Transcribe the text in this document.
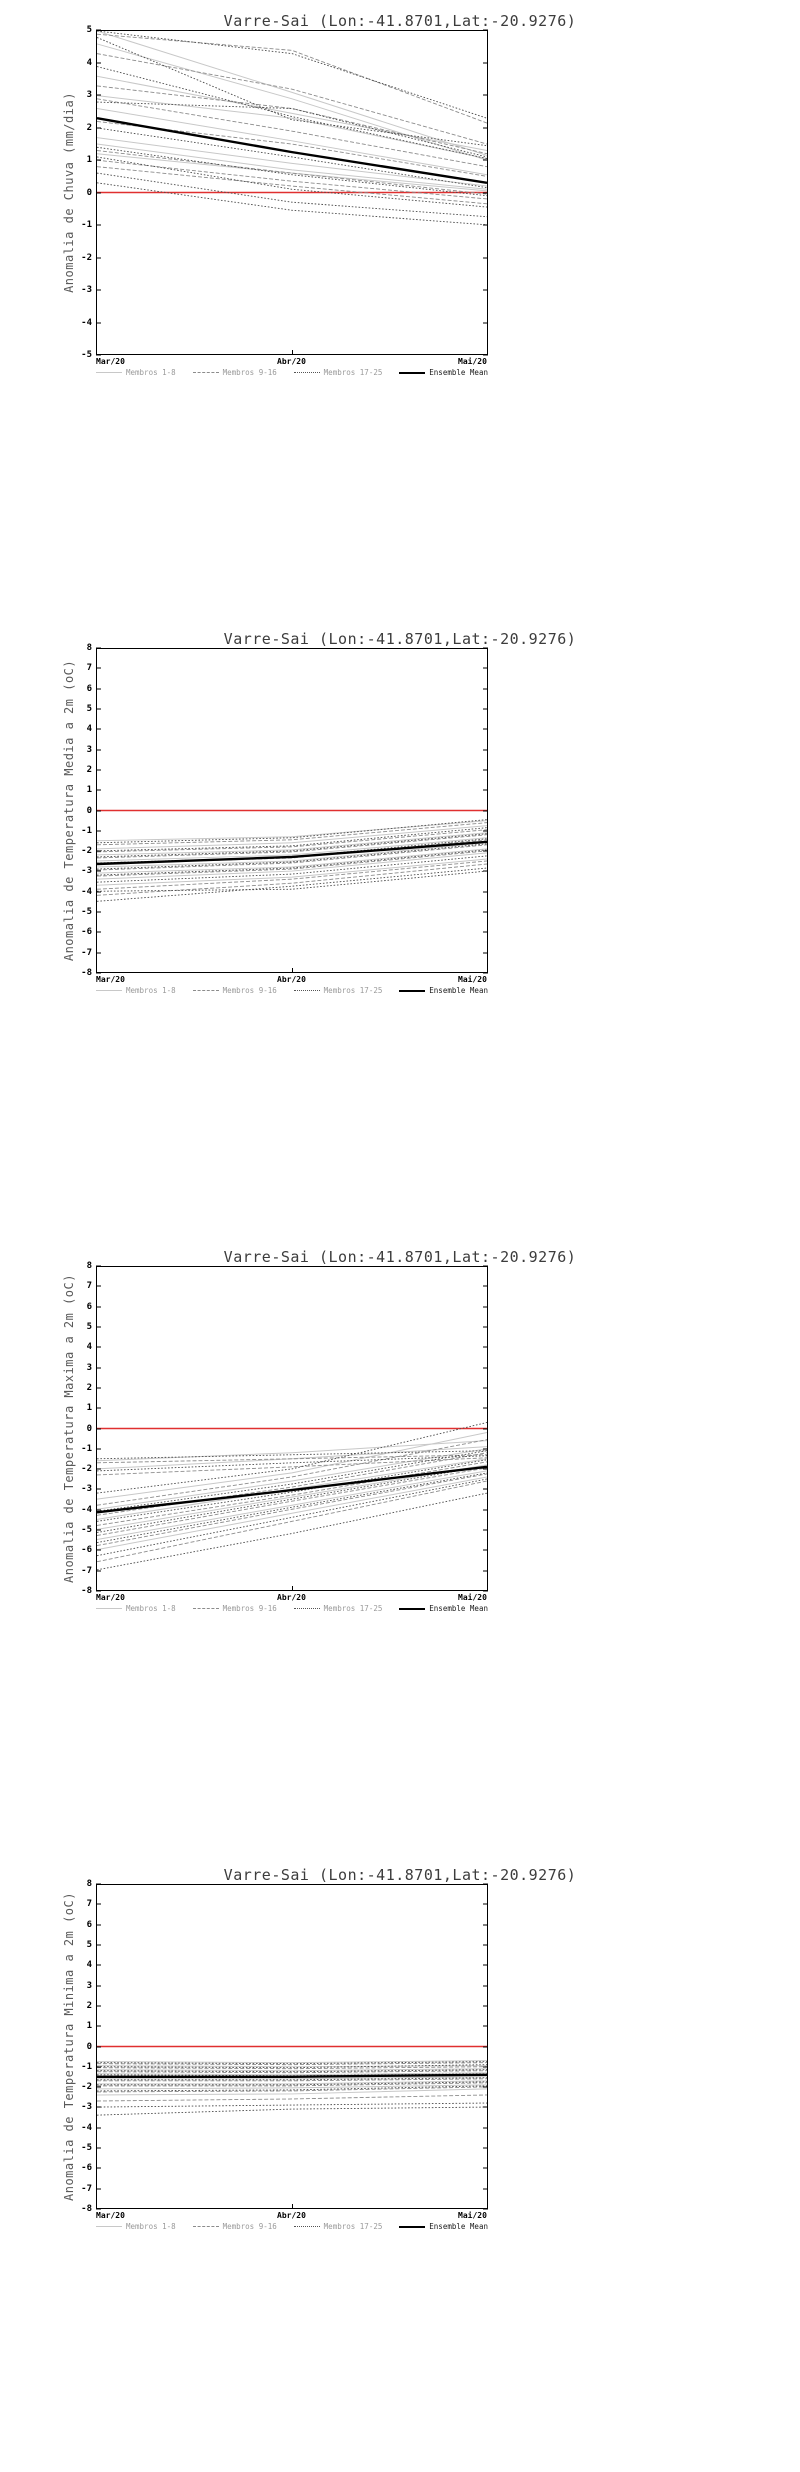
Varre-Sai (Lon:-41.8701,Lat:-20.9276)
Anomalia de Chuva (mm/dia)
5
4
3
2
1
0
-1
-2
-3
-4
-5
Mar/20	Abr/20	Mai/20
Membros 1-8	Membros 9-16	Membros 17-25	Ensemble Mean
Varre-Sai (Lon:-41.8701,Lat:-20.9276)
Anomalia de Temperatura Media a 2m (oC)
8
7
6
5
4
3
2
1
0
-1
-2
-3
-4
-5
-6
-7
-8
Mar/20	Abr/20	Mai/20
Membros 1-8	Membros 9-16	Membros 17-25	Ensemble Mean
Varre-Sai (Lon:-41.8701,Lat:-20.9276)
Anomalia de Temperatura Maxima a 2m (oC)
8
7
6
5
4
3
2
1
0
-1
-2
-3
-4
-5
-6
-7
-8
Mar/20	Abr/20	Mai/20
Membros 1-8	Membros 9-16	Membros 17-25	Ensemble Mean
Varre-Sai (Lon:-41.8701,Lat:-20.9276)
Anomalia de Temperatura Minima a 2m (oC)
8
7
6
5
4
3
2
1
0
-1
-2
-3
-4
-5
-6
-7
-8
Mar/20	Abr/20	Mai/20
Membros 1-8	Membros 9-16	Membros 17-25	Ensemble Mean
